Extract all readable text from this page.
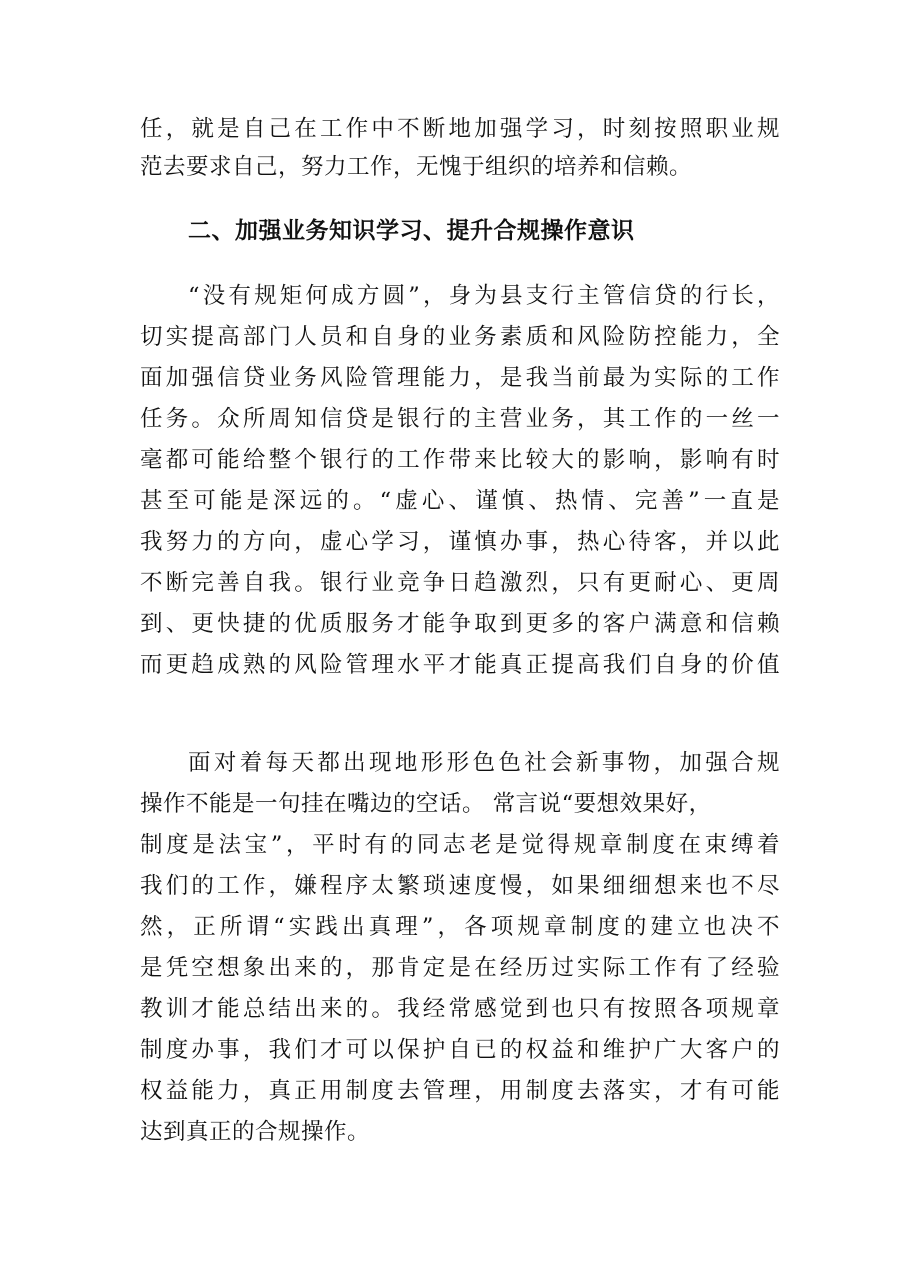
任，就是自己在工作中不断地加强学习，时刻按照职业规
范去要求自己，努力工作，无愧于组织的培养和信赖。
二、加强业务知识学习、提升合规操作意识
“没有规矩何成方圆”，身为县支行主管信贷的行长，
切实提高部门人员和自身的业务素质和风险防控能力，全
面加强信贷业务风险管理能力，是我当前最为实际的工作
任务。众所周知信贷是银行的主营业务，其工作的一丝一
毫都可能给整个银行的工作带来比较大的影响，影响有时
甚至可能是深远的。“虚心、谨慎、热情、完善”一直是
我努力的方向，虚心学习，谨慎办事，热心待客，并以此
不断完善自我。银行业竞争日趋激烈，只有更耐心、更周
到、更快捷的优质服务才能争取到更多的客户满意和信赖
而更趋成熟的风险管理水平才能真正提高我们自身的价值
面对着每天都出现地形形色色社会新事物，加强合规
操作不能是一句挂在嘴边的空话。 常言说“要想效果好，
制度是法宝”，平时有的同志老是觉得规章制度在束缚着
我们的工作，嫌程序太繁琐速度慢，如果细细想来也不尽
然，正所谓“实践出真理”，各项规章制度的建立也决不
是凭空想象出来的，那肯定是在经历过实际工作有了经验
教训才能总结出来的。我经常感觉到也只有按照各项规章
制度办事，我们才可以保护自已的权益和维护广大客户的
权益能力，真正用制度去管理，用制度去落实，才有可能
达到真正的合规操作。
